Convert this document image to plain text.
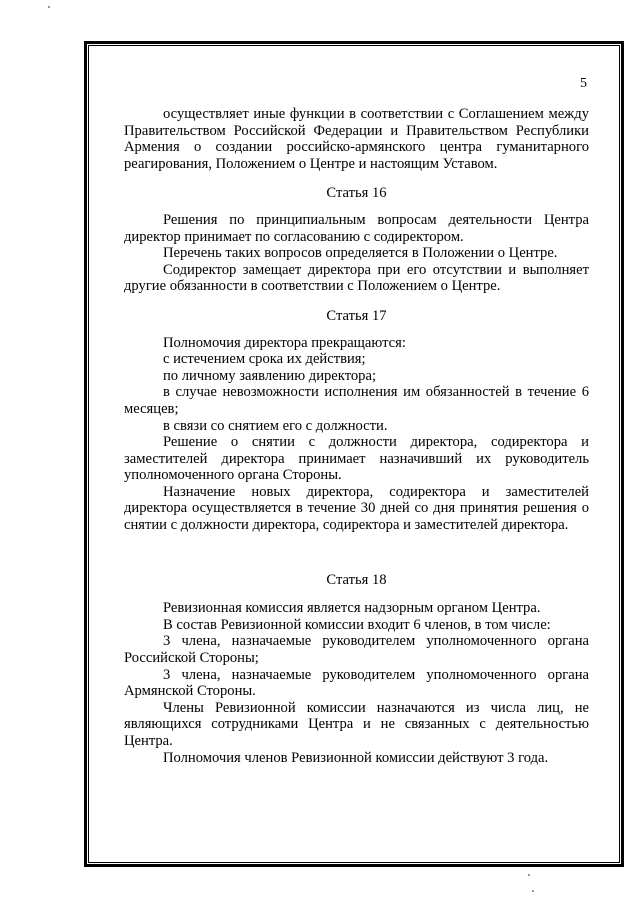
5

осуществляет иные функции в соответствии с Соглашением между Правительством Российской Федерации и Правительством Республики Армения о создании российско-армянского центра гуманитарного реагирования, Положением о Центре и настоящим Уставом.

Статья 16

Решения по принципиальным вопросам деятельности Центра директор принимает по согласованию с содиректором.

Перечень таких вопросов определяется в Положении о Центре.

Содиректор замещает директора при его отсутствии и выполняет другие обязанности в соответствии с Положением о Центре.

Статья 17

Полномочия директора прекращаются:

с истечением срока их действия;

по личному заявлению директора;

в случае невозможности исполнения им обязанностей в течение 6 месяцев;

в связи со снятием его с должности.

Решение о снятии с должности директора, содиректора и заместителей директора принимает назначивший их руководитель уполномоченного органа Стороны.

Назначение новых директора, содиректора и заместителей директора осуществляется в течение 30 дней со дня принятия решения о снятии с должности директора, содиректора и заместителей директора.

Статья 18

Ревизионная комиссия является надзорным органом Центра.

В состав Ревизионной комиссии входит 6 членов, в том числе:

3 члена, назначаемые руководителем уполномоченного органа Российской Стороны;

3 члена, назначаемые руководителем уполномоченного органа Армянской Стороны.

Члены Ревизионной комиссии назначаются из числа лиц, не являющихся сотрудниками Центра и не связанных с деятельностью Центра.

Полномочия членов Ревизионной комиссии действуют 3 года.
